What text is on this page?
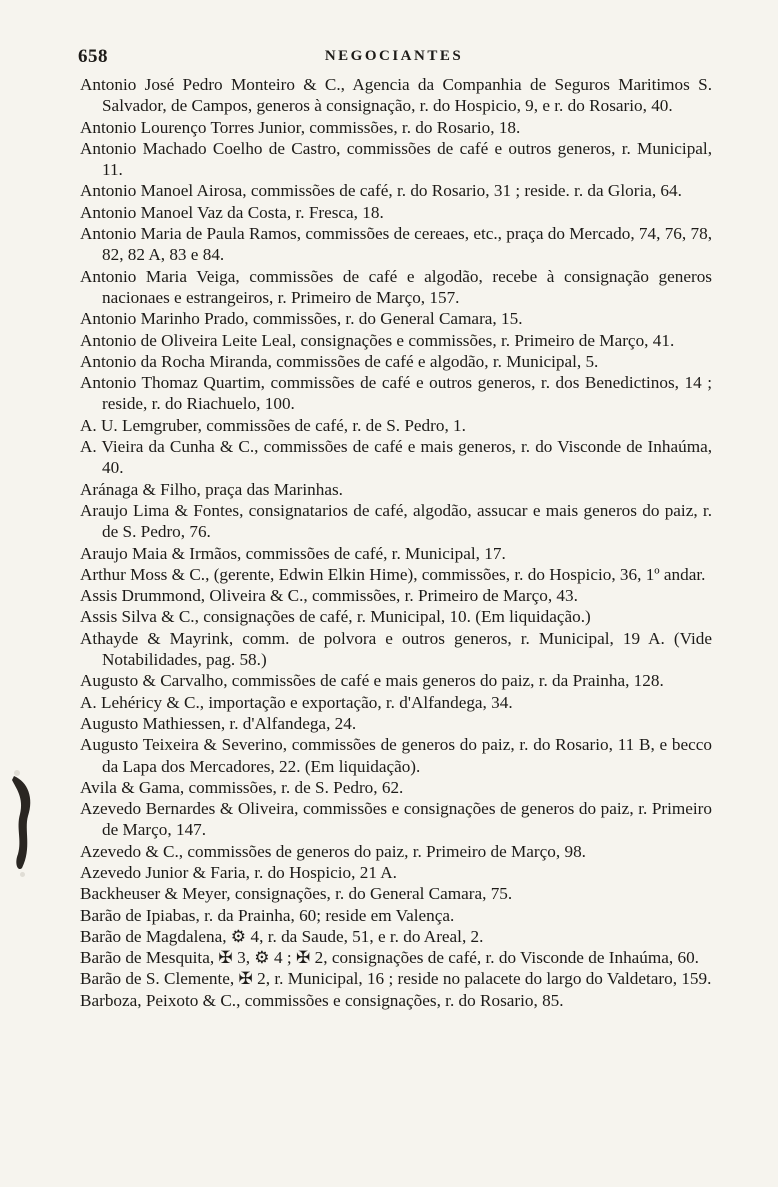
658	NEGOCIANTES

Antonio José Pedro Monteiro & C., Agencia da Companhia de Seguros Maritimos S. Salvador, de Campos, generos à consignação, r. do Hospicio, 9, e r. do Rosario, 40.

Antonio Lourenço Torres Junior, commissões, r. do Rosario, 18.

Antonio Machado Coelho de Castro, commissões de café e outros generos, r. Municipal, 11.

Antonio Manoel Airosa, commissões de café, r. do Rosario, 31 ; reside. r. da Gloria, 64.

Antonio Manoel Vaz da Costa, r. Fresca, 18.

Antonio Maria de Paula Ramos, commissões de cereaes, etc., praça do Mercado, 74, 76, 78, 82, 82 A, 83 e 84.

Antonio Maria Veiga, commissões de café e algodão, recebe à consignação generos nacionaes e estrangeiros, r. Primeiro de Março, 157.

Antonio Marinho Prado, commissões, r. do General Camara, 15.

Antonio de Oliveira Leite Leal, consignações e commissões, r. Primeiro de Março, 41.

Antonio da Rocha Miranda, commissões de café e algodão, r. Municipal, 5.

Antonio Thomaz Quartim, commissões de café e outros generos, r. dos Benedictinos, 14 ; reside, r. do Riachuelo, 100.

A. U. Lemgruber, commissões de café, r. de S. Pedro, 1.

A. Vieira da Cunha & C., commissões de café e mais generos, r. do Visconde de Inhaúma, 40.

Aránaga & Filho, praça das Marinhas.

Araujo Lima & Fontes, consignatarios de café, algodão, assucar e mais generos do paiz, r. de S. Pedro, 76.

Araujo Maia & Irmãos, commissões de café, r. Municipal, 17.

Arthur Moss & C., (gerente, Edwin Elkin Hime), commissões, r. do Hospicio, 36, 1º andar.

Assis Drummond, Oliveira & C., commissões, r. Primeiro de Março, 43.

Assis Silva & C., consignações de café, r. Municipal, 10. (Em liquidação.)

Athayde & Mayrink, comm. de polvora e outros generos, r. Municipal, 19 A. (Vide Notabilidades, pag. 58.)

Augusto & Carvalho, commissões de café e mais generos do paiz, r. da Prainha, 128.

A. Lehéricy & C., importação e exportação, r. d'Alfandega, 34.

Augusto Mathiessen, r. d'Alfandega, 24.

Augusto Teixeira & Severino, commissões de generos do paiz, r. do Rosario, 11 B, e becco da Lapa dos Mercadores, 22. (Em liquidação).

Avila & Gama, commissões, r. de S. Pedro, 62.

Azevedo Bernardes & Oliveira, commissões e consignações de generos do paiz, r. Primeiro de Março, 147.

Azevedo & C., commissões de generos do paiz, r. Primeiro de Março, 98.

Azevedo Junior & Faria, r. do Hospicio, 21 A.

Backheuser & Meyer, consignações, r. do General Camara, 75.

Barão de Ipiabas, r. da Prainha, 60; reside em Valença.

Barão de Magdalena, ⚙ 4, r. da Saude, 51, e r. do Areal, 2.

Barão de Mesquita, ✠ 3, ⚙ 4 ; ✠ 2, consignações de café, r. do Visconde de Inhaúma, 60.

Barão de S. Clemente, ✠ 2, r. Municipal, 16 ; reside no palacete do largo do Valdetaro, 159.

Barboza, Peixoto & C., commissões e consignações, r. do Rosario, 85.
